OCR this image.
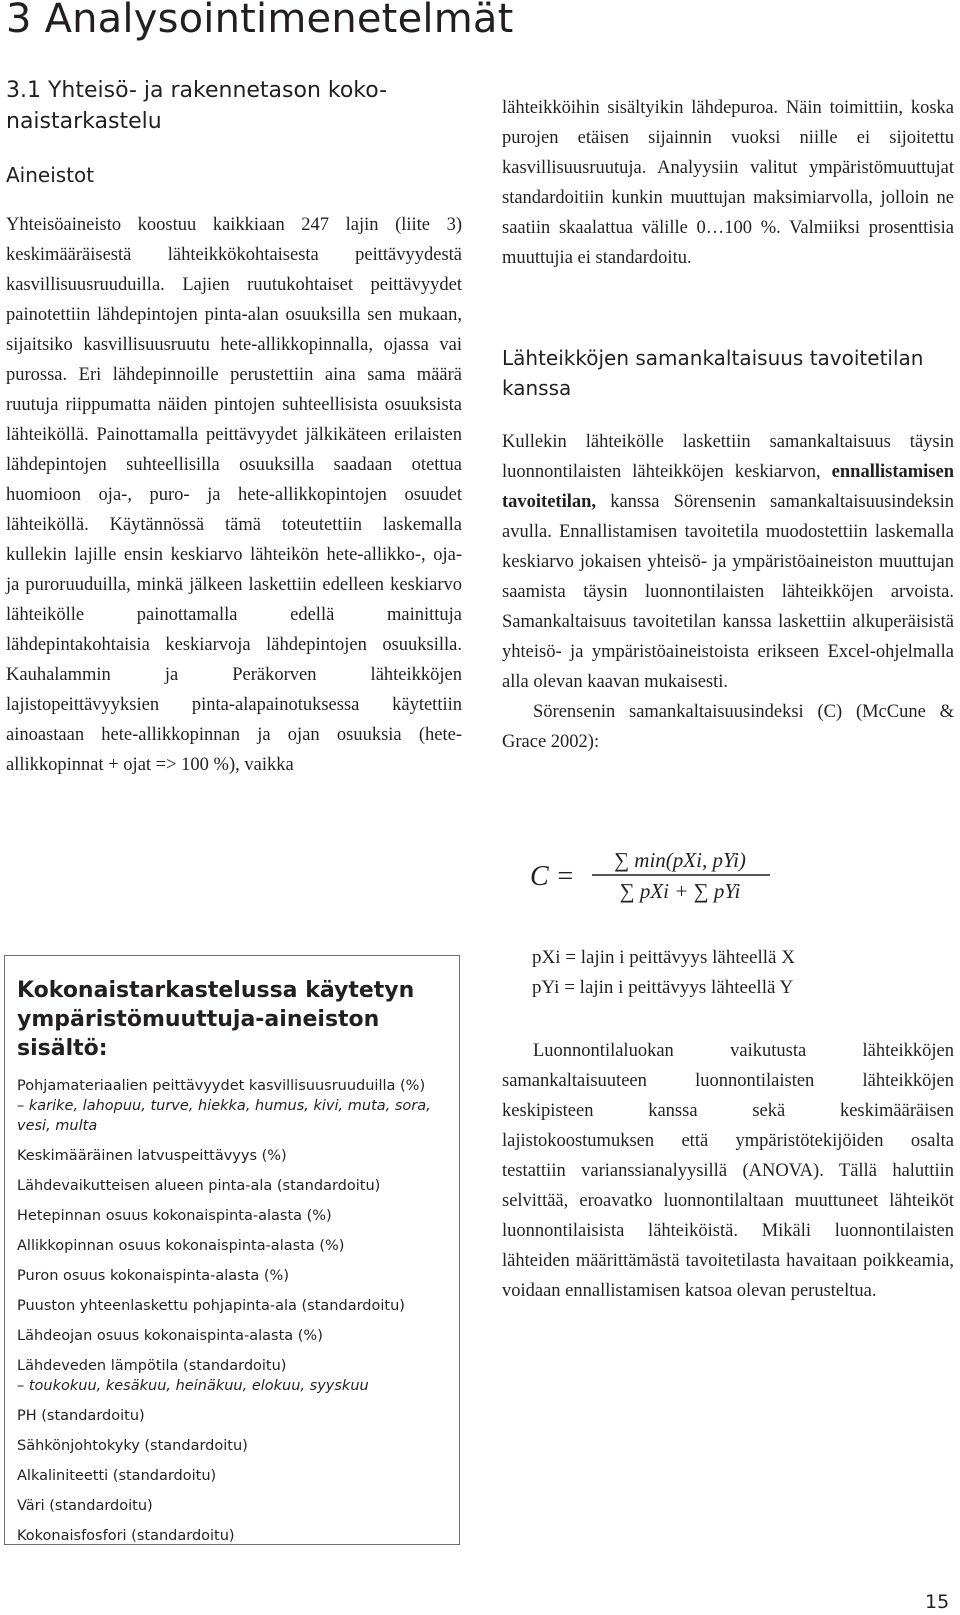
3 Analysointimenetelmät
3.1 Yhteisö- ja rakennetason koko-naistarkastelu
Aineistot

Yhteisöaineisto koostuu kaikkiaan 247 lajin (liite 3) keskimääräisestä lähteikkökohtaisesta peittävyydestä kasvillisuusruuduilla. Lajien ruutukohtaiset peittävyydet painotettiin lähdepintojen pinta-alan osuuksilla sen mukaan, sijaitsiko kasvillisuusruutu hete-allikkopinnalla, ojassa vai purossa. Eri lähdepinnoille perustettiin aina sama määrä ruutuja riippumatta näiden pintojen suhteellisista osuuksista lähteiköllä. Painottamalla peittävyydet jälkikäteen erilaisten lähdepintojen suhteellisilla osuuksilla saadaan otettua huomioon oja-, puro- ja hete-allikkopintojen osuudet lähteiköllä. Käytännössä tämä toteutettiin laskemalla kullekin lajille ensin keskiarvo lähteikön hete-allikko-, oja- ja puroruuduilla, minkä jälkeen laskettiin edelleen keskiarvo lähteikölle painottamalla edellä mainittuja lähdepintakohtaisia keskiarvoja lähdepintojen osuuksilla. Kauhalammin ja Peräkorven lähteikköjen lajistopeittävyyksien pinta-alapainotuksessa käytettiin ainoastaan hete-allikkopinnan ja ojan osuuksia (hete-allikkopinnat + ojat => 100 %), vaikka

lähteikköihin sisältyikin lähdepuroa. Näin toimittiin, koska purojen etäisen sijainnin vuoksi niille ei sijoitettu kasvillisuusruutuja. Analyysiin valitut ympäristömuuttujat standardoitiin kunkin muuttujan maksimiarvolla, jolloin ne saatiin skaalattua välille 0…100 %. Valmiiksi prosenttisia muuttujia ei standardoitu.

Lähteikköjen samankaltaisuus tavoitetilan kanssa

Kullekin lähteikölle laskettiin samankaltaisuus täysin luonnontilaisten lähteikköjen keskiarvon, ennallistamisen tavoitetilan, kanssa Sörensenin samankaltaisuusindeksin avulla. Ennallistamisen tavoitetila muodostettiin laskemalla keskiarvo jokaisen yhteisö- ja ympäristöaineiston muuttujan saamista täysin luonnontilaisten lähteikköjen arvoista. Samankaltaisuus tavoitetilan kanssa laskettiin alkuperäisistä yhteisö- ja ympäristöaineistoista erikseen Excel-ohjelmalla alla olevan kaavan mukaisesti.

Sörensenin samankaltaisuusindeksi (C) (McCune & Grace 2002):

C =
∑ min(pXi, pYi)
∑ pXi + ∑ pYi
pXi = lajin i peittävyys lähteellä X
pYi = lajin i peittävyys lähteellä Y

Luonnontilaluokan vaikutusta lähteikköjen samankaltaisuuteen luonnontilaisten lähteikköjen keskipisteen kanssa sekä keskimääräisen lajistokoostumuksen että ympäristötekijöiden osalta testattiin varianssianalyysillä (ANOVA). Tällä haluttiin selvittää, eroavatko luonnontilaltaan muuttuneet lähteiköt luonnontilaisista lähteiköistä. Mikäli luonnontilaisten lähteiden määrittämästä tavoitetilasta havaitaan poikkeamia, voidaan ennallistamisen katsoa olevan perusteltua.

Kokonaistarkastelussa käytetyn ympäristömuuttuja-aineiston sisältö:
Pohjamateriaalien peittävyydet kasvillisuusruuduilla (%)
– karike, lahopuu, turve, hiekka, humus, kivi, muta, sora, vesi, multa
Keskimääräinen latvuspeittävyys (%)
Lähdevaikutteisen alueen pinta-ala (standardoitu)
Hetepinnan osuus kokonaispinta-alasta (%)
Allikkopinnan osuus kokonaispinta-alasta (%)
Puron osuus kokonaispinta-alasta (%)
Puuston yhteenlaskettu pohjapinta-ala (standardoitu)
Lähdeojan osuus kokonaispinta-alasta (%)
Lähdeveden lämpötila (standardoitu)
– toukokuu, kesäkuu, heinäkuu, elokuu, syyskuu
PH (standardoitu)
Sähkönjohtokyky (standardoitu)
Alkaliniteetti (standardoitu)
Väri (standardoitu)
Kokonaisfosfori (standardoitu)
15
